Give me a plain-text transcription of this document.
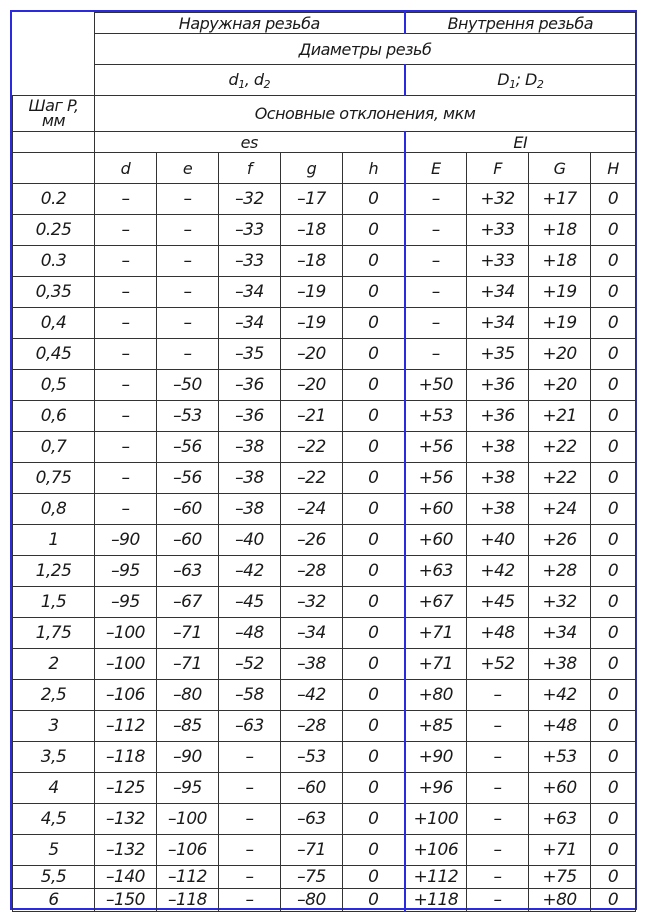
	Наружная резьба					Внутрення резьба			
	Диаметры резьб								
	$d_1$, $d_2$					$D_1$; $D_2$
Шаг P,
мм	Основные отклонения, мкм								
	es					EI			
	d	e	f	g	h	E	F	G	H
0.2	–	–	–32	–17	0	–	+32	+17	0
0.25	–	–	–33	–18	0	–	+33	+18	0
0.3	–	–	–33	–18	0	–	+33	+18	0
0,35	–	–	–34	–19	0	–	+34	+19	0
0,4	–	–	–34	–19	0	–	+34	+19	0
0,45	–	–	–35	–20	0	–	+35	+20	0
0,5	–	–50	–36	–20	0	+50	+36	+20	0
0,6	–	–53	–36	–21	0	+53	+36	+21	0
0,7	–	–56	–38	–22	0	+56	+38	+22	0
0,75	–	–56	–38	–22	0	+56	+38	+22	0
0,8	–	–60	–38	–24	0	+60	+38	+24	0
1	–90	–60	–40	–26	0	+60	+40	+26	0
1,25	–95	–63	–42	–28	0	+63	+42	+28	0
1,5	–95	–67	–45	–32	0	+67	+45	+32	0
1,75	–100	–71	–48	–34	0	+71	+48	+34	0
2	–100	–71	–52	–38	0	+71	+52	+38	0
2,5	–106	–80	–58	–42	0	+80	–	+42	0
3	–112	–85	–63	–28	0	+85	–	+48	0
3,5	–118	–90	–	–53	0	+90	–	+53	0
4	–125	–95	–	–60	0	+96	–	+60	0
4,5	–132	–100	–	–63	0	+100	–	+63	0
5	–132	–106	–	–71	0	+106	–	+71	0
5,5	–140	–112	–	–75	0	+112	–	+75	0
6	–150	–118	–	–80	0	+118	–	+80	0
